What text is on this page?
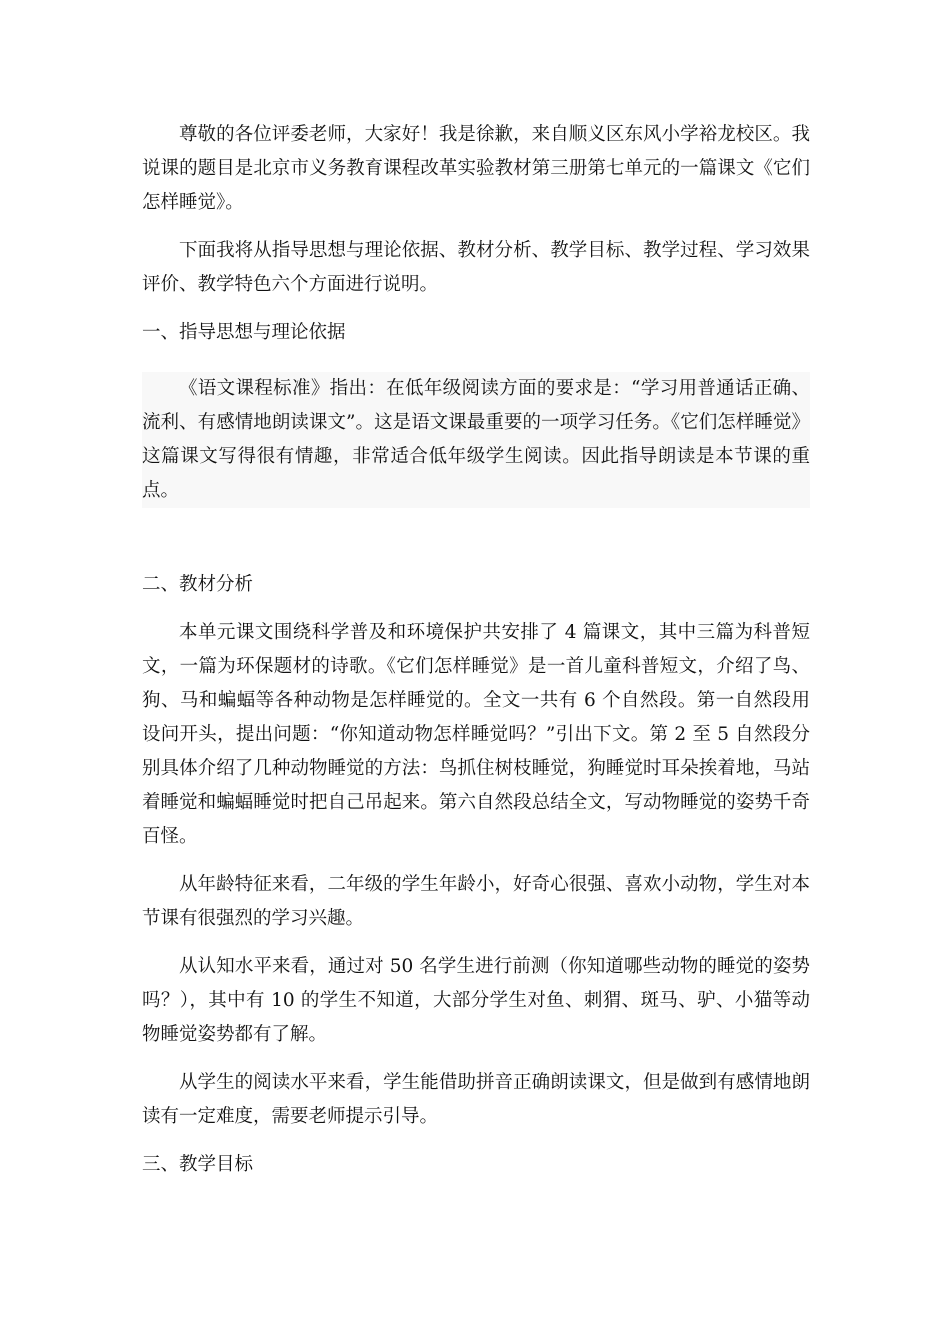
尊敬的各位评委老师，大家好！我是徐歉，来自顺义区东风小学裕龙校区。我说课的题目是北京市义务教育课程改革实验教材第三册第七单元的一篇课文《它们怎样睡觉》。

下面我将从指导思想与理论依据、教材分析、教学目标、教学过程、学习效果评价、教学特色六个方面进行说明。

一、指导思想与理论依据

《语文课程标准》指出：在低年级阅读方面的要求是：“学习用普通话正确、流利、有感情地朗读课文”。这是语文课最重要的一项学习任务。《它们怎样睡觉》这篇课文写得很有情趣，非常适合低年级学生阅读。因此指导朗读是本节课的重点。

二、教材分析

本单元课文围绕科学普及和环境保护共安排了 4 篇课文，其中三篇为科普短文，一篇为环保题材的诗歌。《它们怎样睡觉》是一首儿童科普短文，介绍了鸟、狗、马和蝙蝠等各种动物是怎样睡觉的。全文一共有 6 个自然段。第一自然段用设问开头，提出问题：“你知道动物怎样睡觉吗？”引出下文。第 2 至 5 自然段分别具体介绍了几种动物睡觉的方法：鸟抓住树枝睡觉，狗睡觉时耳朵挨着地，马站着睡觉和蝙蝠睡觉时把自己吊起来。第六自然段总结全文，写动物睡觉的姿势千奇百怪。

从年龄特征来看，二年级的学生年龄小，好奇心很强、喜欢小动物，学生对本节课有很强烈的学习兴趣。

从认知水平来看，通过对 50 名学生进行前测（你知道哪些动物的睡觉的姿势吗？），其中有 10 的学生不知道，大部分学生对鱼、刺猬、斑马、驴、小猫等动物睡觉姿势都有了解。

从学生的阅读水平来看，学生能借助拼音正确朗读课文，但是做到有感情地朗读有一定难度，需要老师提示引导。

三、教学目标
